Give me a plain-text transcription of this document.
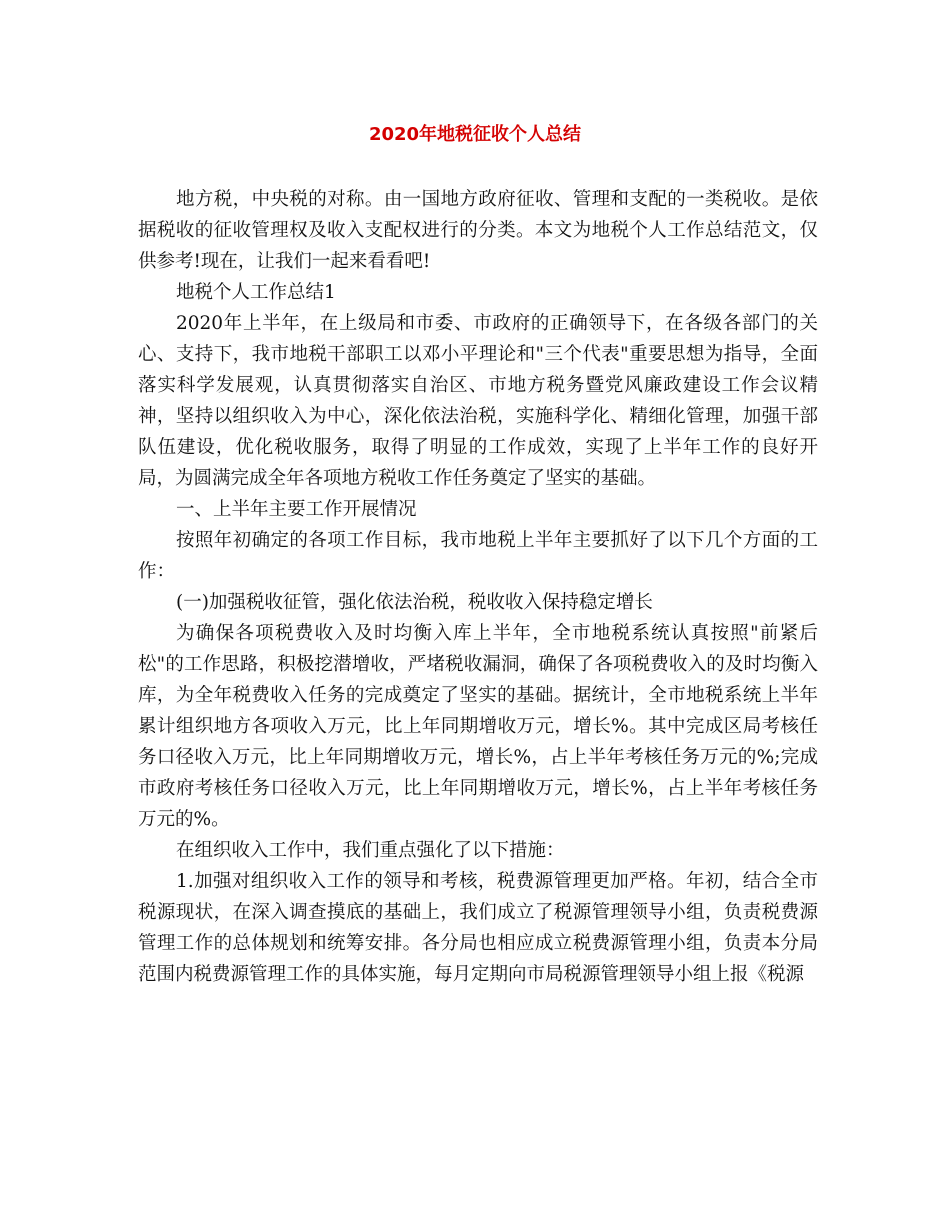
2020年地税征收个人总结

地方税，中央税的对称。由一国地方政府征收、管理和支配的一类税收。是依据税收的征收管理权及收入支配权进行的分类。本文为地税个人工作总结范文，仅供参考!现在，让我们一起来看看吧!

地税个人工作总结1

2020年上半年，在上级局和市委、市政府的正确领导下，在各级各部门的关心、支持下，我市地税干部职工以邓小平理论和"三个代表"重要思想为指导，全面落实科学发展观，认真贯彻落实自治区、市地方税务暨党风廉政建设工作会议精神，坚持以组织收入为中心，深化依法治税，实施科学化、精细化管理，加强干部队伍建设，优化税收服务，取得了明显的工作成效，实现了上半年工作的良好开局，为圆满完成全年各项地方税收工作任务奠定了坚实的基础。

一、上半年主要工作开展情况

按照年初确定的各项工作目标，我市地税上半年主要抓好了以下几个方面的工作：

(一)加强税收征管，强化依法治税，税收收入保持稳定增长

为确保各项税费收入及时均衡入库上半年，全市地税系统认真按照"前紧后松"的工作思路，积极挖潜增收，严堵税收漏洞，确保了各项税费收入的及时均衡入库，为全年税费收入任务的完成奠定了坚实的基础。据统计，全市地税系统上半年累计组织地方各项收入万元，比上年同期增收万元，增长%。其中完成区局考核任务口径收入万元，比上年同期增收万元，增长%，占上半年考核任务万元的%;完成市政府考核任务口径收入万元，比上年同期增收万元，增长%，占上半年考核任务万元的%。

在组织收入工作中，我们重点强化了以下措施：

1.加强对组织收入工作的领导和考核，税费源管理更加严格。年初，结合全市税源现状，在深入调查摸底的基础上，我们成立了税源管理领导小组，负责税费源管理工作的总体规划和统筹安排。各分局也相应成立税费源管理小组，负责本分局范围内税费源管理工作的具体实施，每月定期向市局税源管理领导小组上报《税源
